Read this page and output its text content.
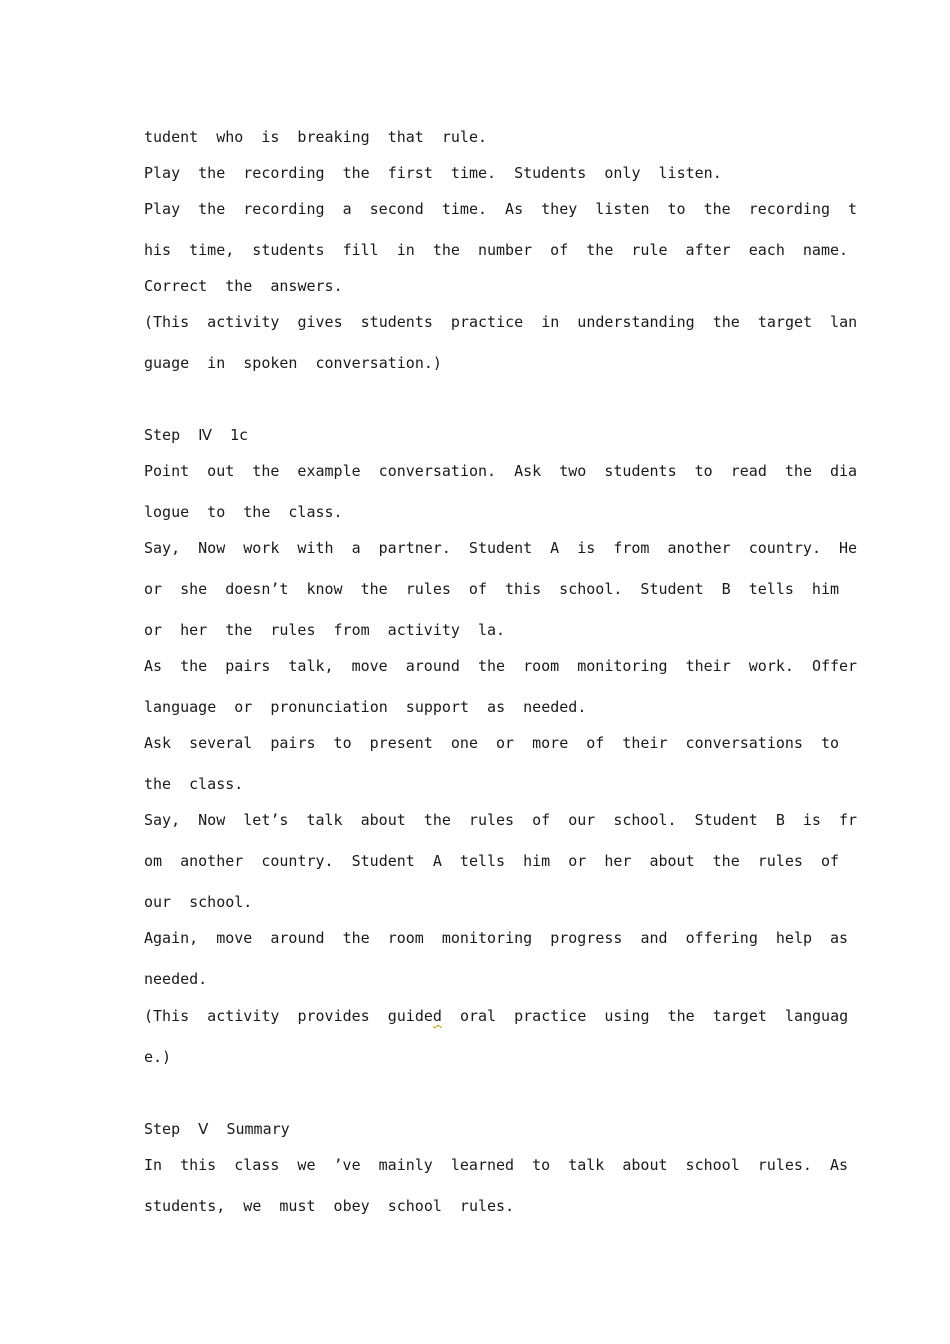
tudent who is breaking that rule.

Play the recording the first time. Students only listen.

Play the recording a second time. As they listen to the recording t

his time, students fill in the number of the rule after each name.

Correct the answers.

(This activity gives students practice in understanding the target lan

guage in spoken conversation.)

Step Ⅳ 1c

Point out the example conversation. Ask two students to read the dia

logue to the class.

Say, Now work with a partner. Student A is from another country. He

or she doesn’t know the rules of this school. Student B tells him

or her the rules from activity la.

As the pairs talk, move around the room monitoring their work. Offer

language or pronunciation support as needed.

Ask several pairs to present one or more of their conversations to

the class.

Say, Now let’s talk about the rules of our school. Student B is fr

om another country. Student A tells him or her about the rules of

our school.

Again, move around the room monitoring progress and offering help as

needed.

(This activity provides guided oral practice using the target languag

e.)

Step Ⅴ Summary

In this class we ’ve mainly learned to talk about school rules. As

students, we must obey school rules.
